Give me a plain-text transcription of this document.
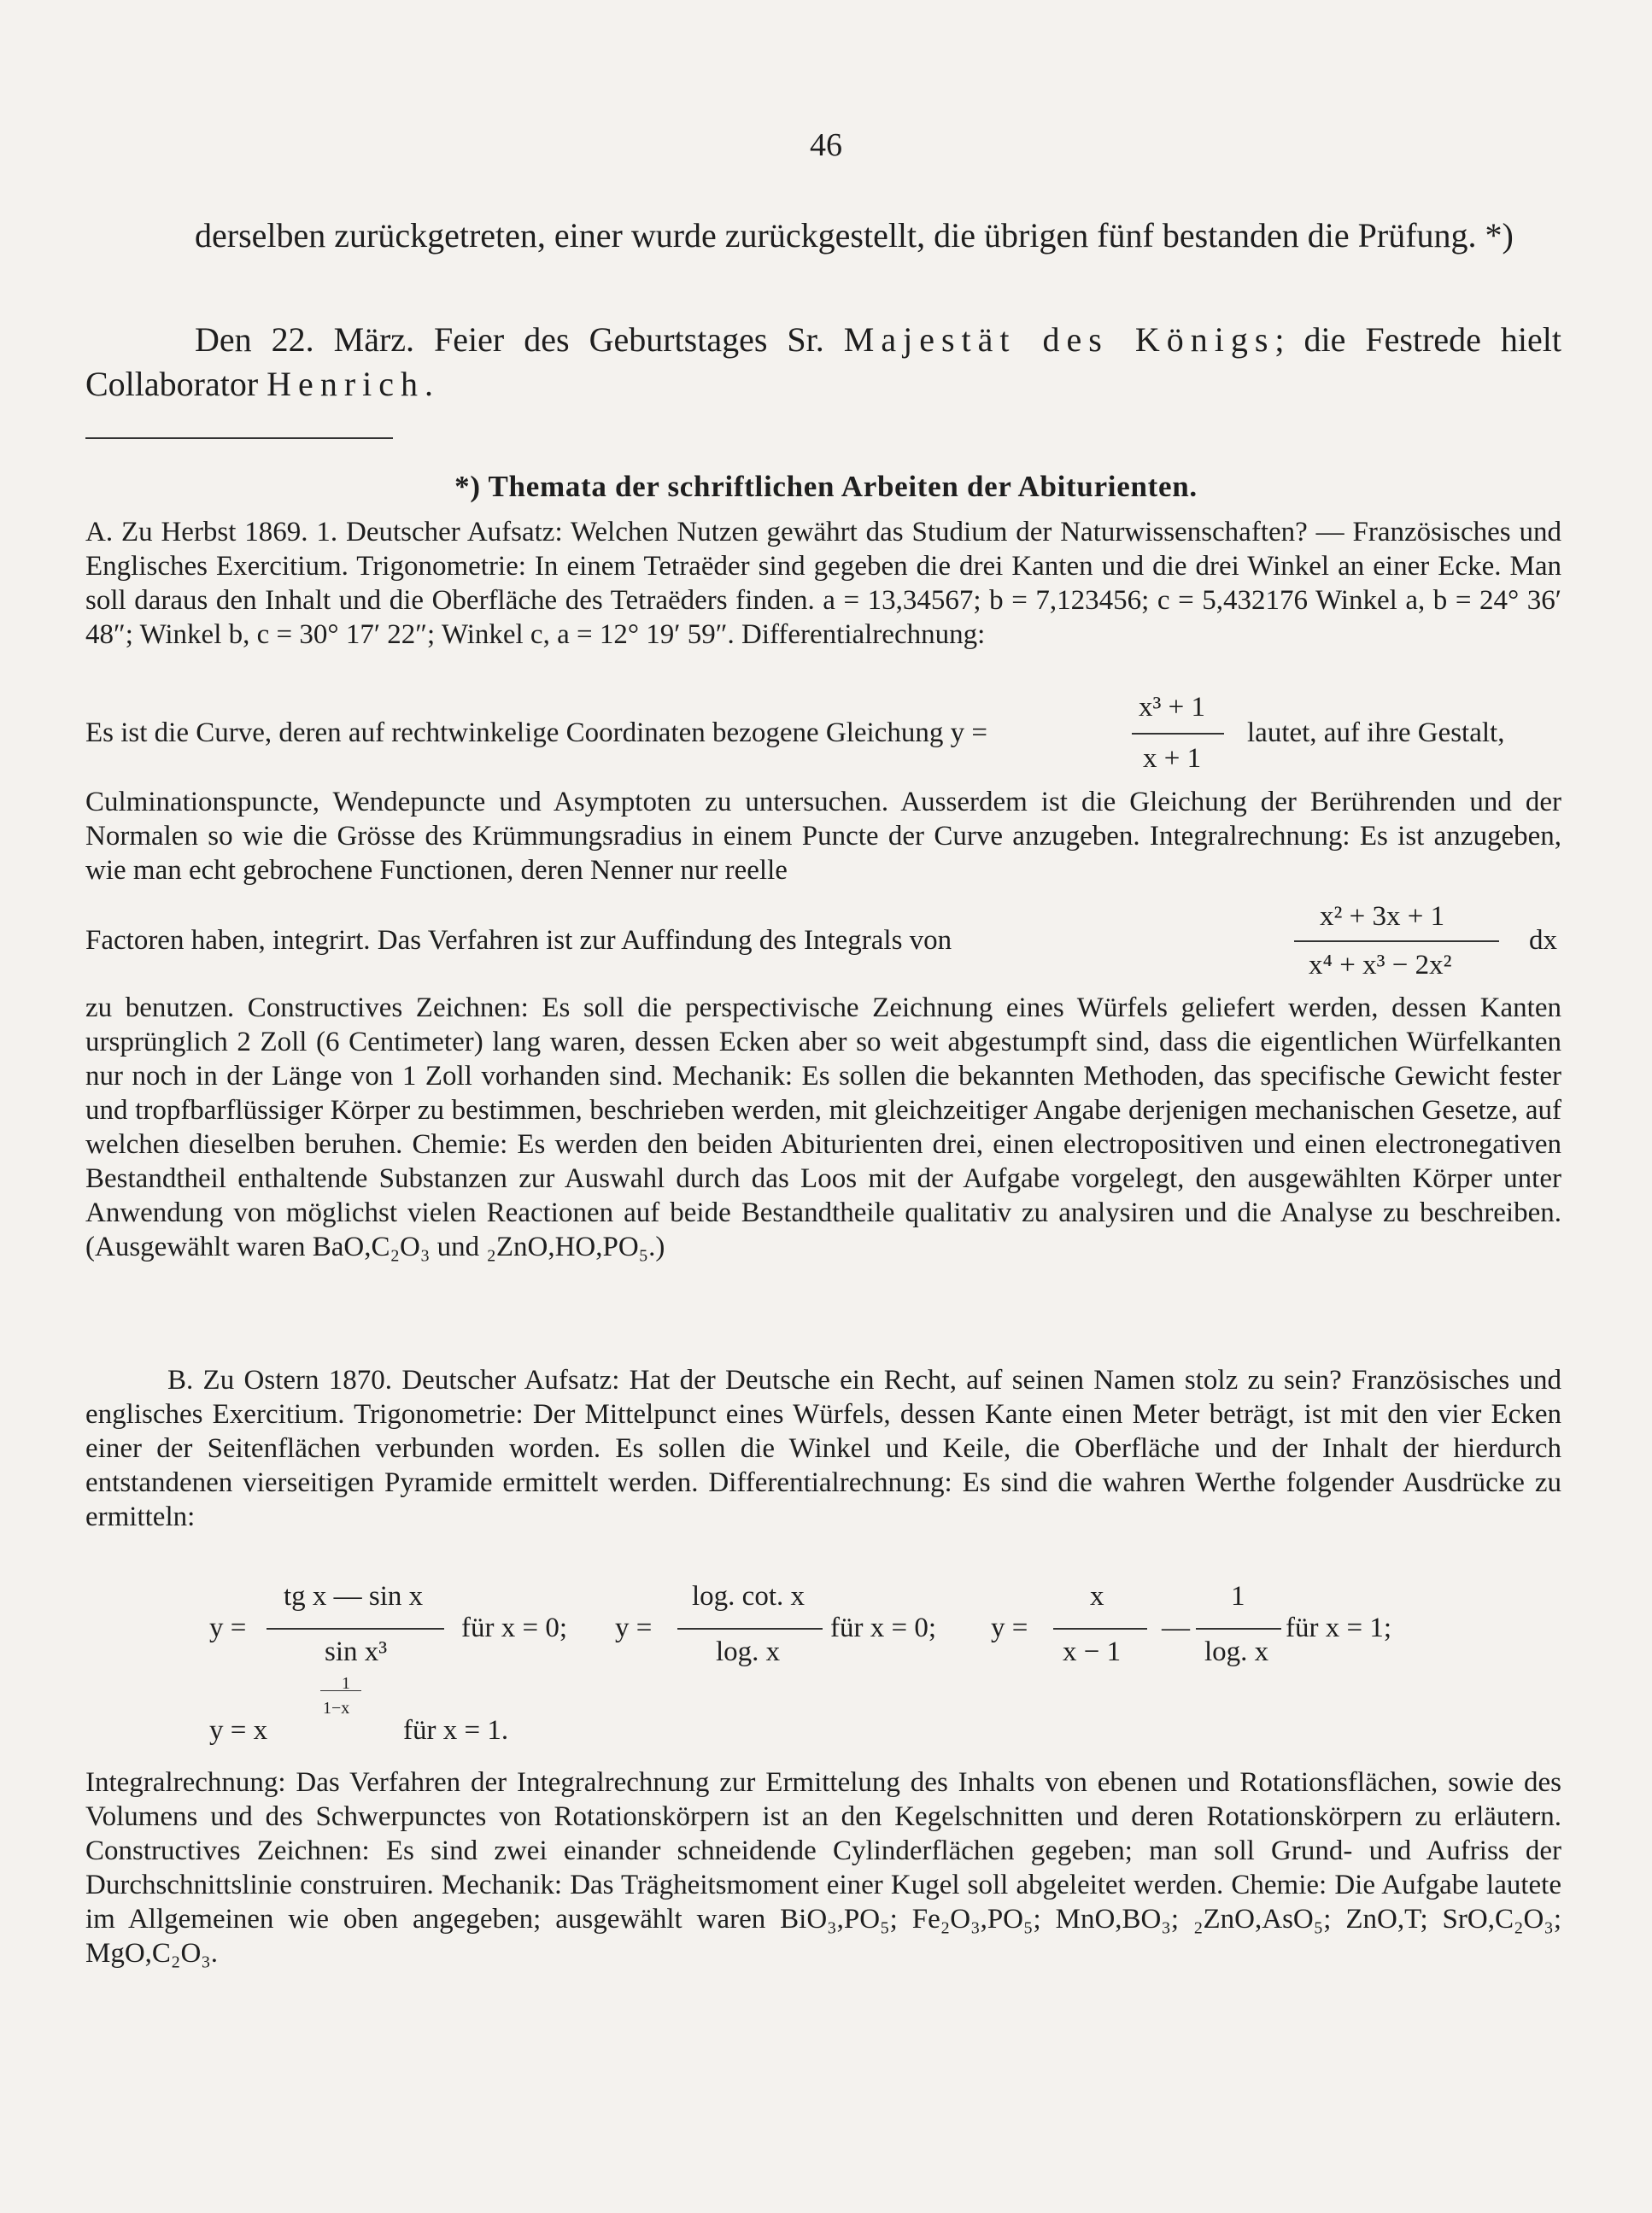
46
derselben zurückgetreten, einer wurde zurückgestellt, die übrigen fünf bestanden die Prüfung. *)
Den 22. März. Feier des Geburtstages Sr. Majestät des Königs; die Festrede hielt Collaborator Henrich.
*) Themata der schriftlichen Arbeiten der Abiturienten.
A. Zu Herbst 1869. 1. Deutscher Aufsatz: Welchen Nutzen gewährt das Studium der Naturwissenschaften? — Französisches und Englisches Exercitium. Trigonometrie: In einem Tetraëder sind gegeben die drei Kanten und die drei Winkel an einer Ecke. Man soll daraus den Inhalt und die Oberfläche des Tetraëders finden. a = 13,34567; b = 7,123456; c = 5,432176 Winkel a, b = 24° 36′ 48″; Winkel b, c = 30° 17′ 22″; Winkel c, a = 12° 19′ 59″. Differentialrechnung:
x³ + 1
Es ist die Curve, deren auf rechtwinkelige Coordinaten bezogene Gleichung y =	lautet, auf ihre Gestalt,
x + 1
Culminationspuncte, Wendepuncte und Asymptoten zu untersuchen. Ausserdem ist die Gleichung der Berührenden und der Normalen so wie die Grösse des Krümmungsradius in einem Puncte der Curve anzugeben. Integralrechnung: Es ist anzugeben, wie man echt gebrochene Functionen, deren Nenner nur reelle
x² + 3x + 1
Factoren haben, integrirt. Das Verfahren ist zur Auffindung des Integrals von	dx
x⁴ + x³ − 2x²
zu benutzen. Constructives Zeichnen: Es soll die perspectivische Zeichnung eines Würfels geliefert werden, dessen Kanten ursprünglich 2 Zoll (6 Centimeter) lang waren, dessen Ecken aber so weit abgestumpft sind, dass die eigentlichen Würfelkanten nur noch in der Länge von 1 Zoll vorhanden sind. Mechanik: Es sollen die bekannten Methoden, das specifische Gewicht fester und tropfbarflüssiger Körper zu bestimmen, beschrieben werden, mit gleichzeitiger Angabe derjenigen mechanischen Gesetze, auf welchen dieselben beruhen. Chemie: Es werden den beiden Abiturienten drei, einen electropositiven und einen electronegativen Bestandtheil enthaltende Substanzen zur Auswahl durch das Loos mit der Aufgabe vorgelegt, den ausgewählten Körper unter Anwendung von möglichst vielen Reactionen auf beide Bestandtheile qualitativ zu analysiren und die Analyse zu beschreiben. (Ausgewählt waren BaO,C₂O₃ und ₂ZnO,HO,PO₅.)
B. Zu Ostern 1870. Deutscher Aufsatz: Hat der Deutsche ein Recht, auf seinen Namen stolz zu sein? Französisches und englisches Exercitium. Trigonometrie: Der Mittelpunct eines Würfels, dessen Kante einen Meter beträgt, ist mit den vier Ecken einer der Seitenflächen verbunden worden. Es sollen die Winkel und Keile, die Oberfläche und der Inhalt der hierdurch entstandenen vierseitigen Pyramide ermittelt werden. Differentialrechnung: Es sind die wahren Werthe folgender Ausdrücke zu ermitteln:
y =
tg x — sin x
sin x³
für x = 0; y =
log. cot. x
log. x
für x = 0; y =
x
x − 1
—
1
log. x
für x = 1;
1
1−x
y = x	für x = 1.
Integralrechnung: Das Verfahren der Integralrechnung zur Ermittelung des Inhalts von ebenen und Rotationsflächen, sowie des Volumens und des Schwerpunctes von Rotationskörpern ist an den Kegelschnitten und deren Rotationskörpern zu erläutern. Constructives Zeichnen: Es sind zwei einander schneidende Cylinderflächen gegeben; man soll Grund- und Aufriss der Durchschnittslinie construiren. Mechanik: Das Trägheitsmoment einer Kugel soll abgeleitet werden. Chemie: Die Aufgabe lautete im Allgemeinen wie oben angegeben; ausgewählt waren BiO₃,PO₅; Fe₂O₃,PO₅; MnO,BO₃; ₂ZnO,AsO₅; ZnO,T; SrO,C₂O₃; MgO,C₂O₃.
